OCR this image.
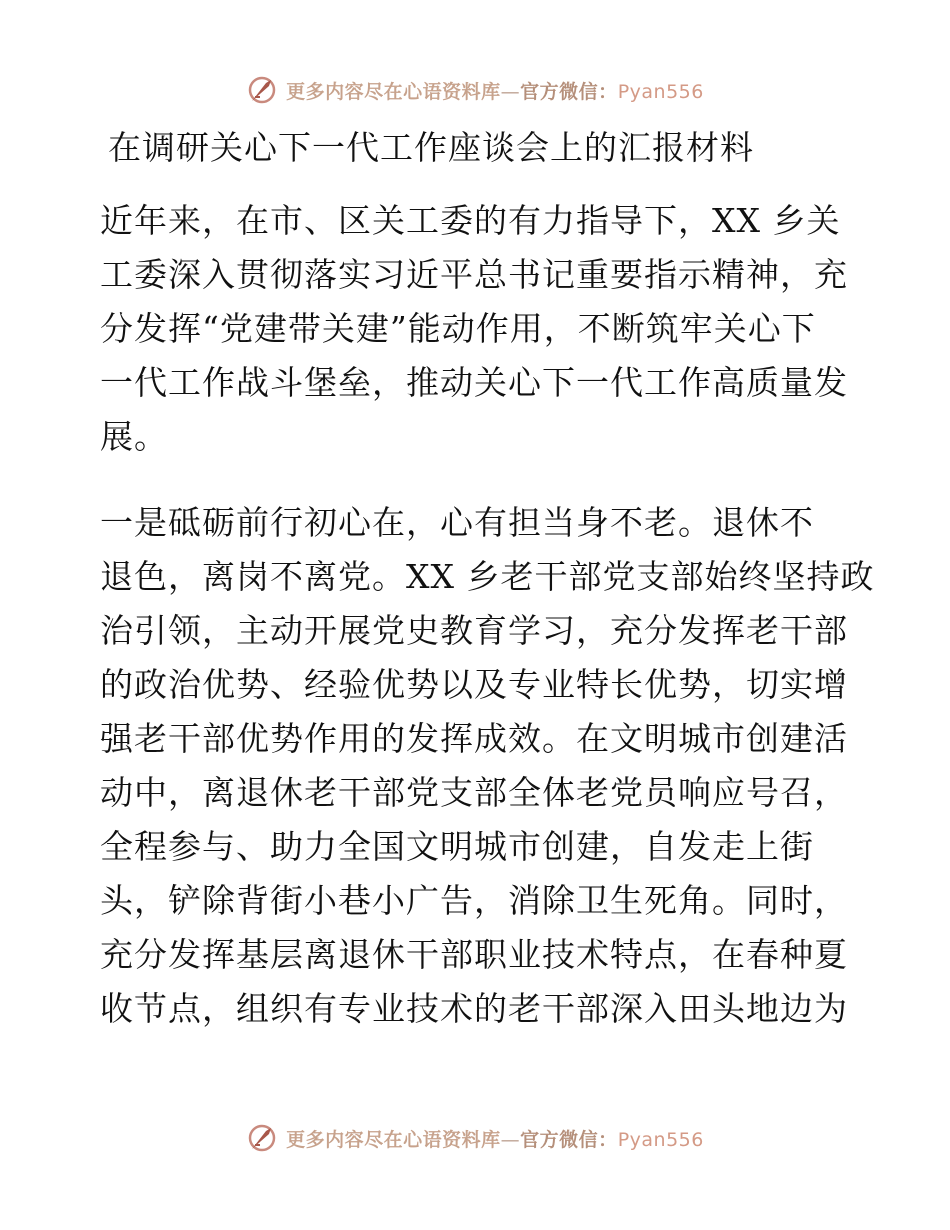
更多内容尽在心语资料库—官方微信：Pyan556
在调研关心下一代工作座谈会上的汇报材料
近年来，在市、区关工委的有力指导下，XX 乡关
工委深入贯彻落实习近平总书记重要指示精神，充
分发挥“党建带关建”能动作用，不断筑牢关心下
一代工作战斗堡垒，推动关心下一代工作高质量发
展。
一是砥砺前行初心在，心有担当身不老。退休不
退色，离岗不离党。XX 乡老干部党支部始终坚持政
治引领，主动开展党史教育学习，充分发挥老干部
的政治优势、经验优势以及专业特长优势，切实增
强老干部优势作用的发挥成效。在文明城市创建活
动中，离退休老干部党支部全体老党员响应号召，
全程参与、助力全国文明城市创建，自发走上街
头，铲除背街小巷小广告，消除卫生死角。同时，
充分发挥基层离退休干部职业技术特点，在春种夏
收节点，组织有专业技术的老干部深入田头地边为
更多内容尽在心语资料库—官方微信：Pyan556
